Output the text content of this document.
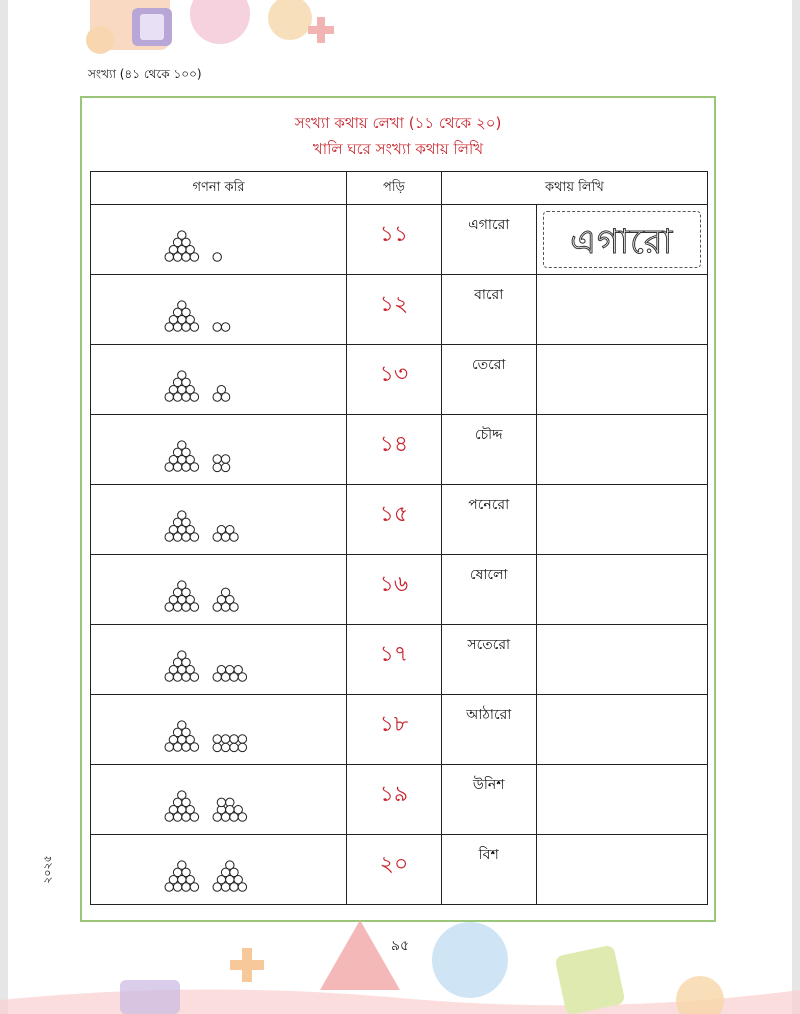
সংখ্যা (৪১ থেকে ১০০)
সংখ্যা কথায় লেখা (১১ থেকে ২০)
খালি ঘরে সংখ্যা কথায় লিখি
গণনা করি	পড়ি	কথায় লিখি	

১১	এগারো	এগারো

১২	বারো	

১৩	তেরো	

১৪	চৌদ্দ	

১৫	পনেরো	

১৬	ষোলো	

১৭	সতেরো	

১৮	আঠারো	

১৯	উনিশ	

২০	বিশ	

২০২৫
৯৫
